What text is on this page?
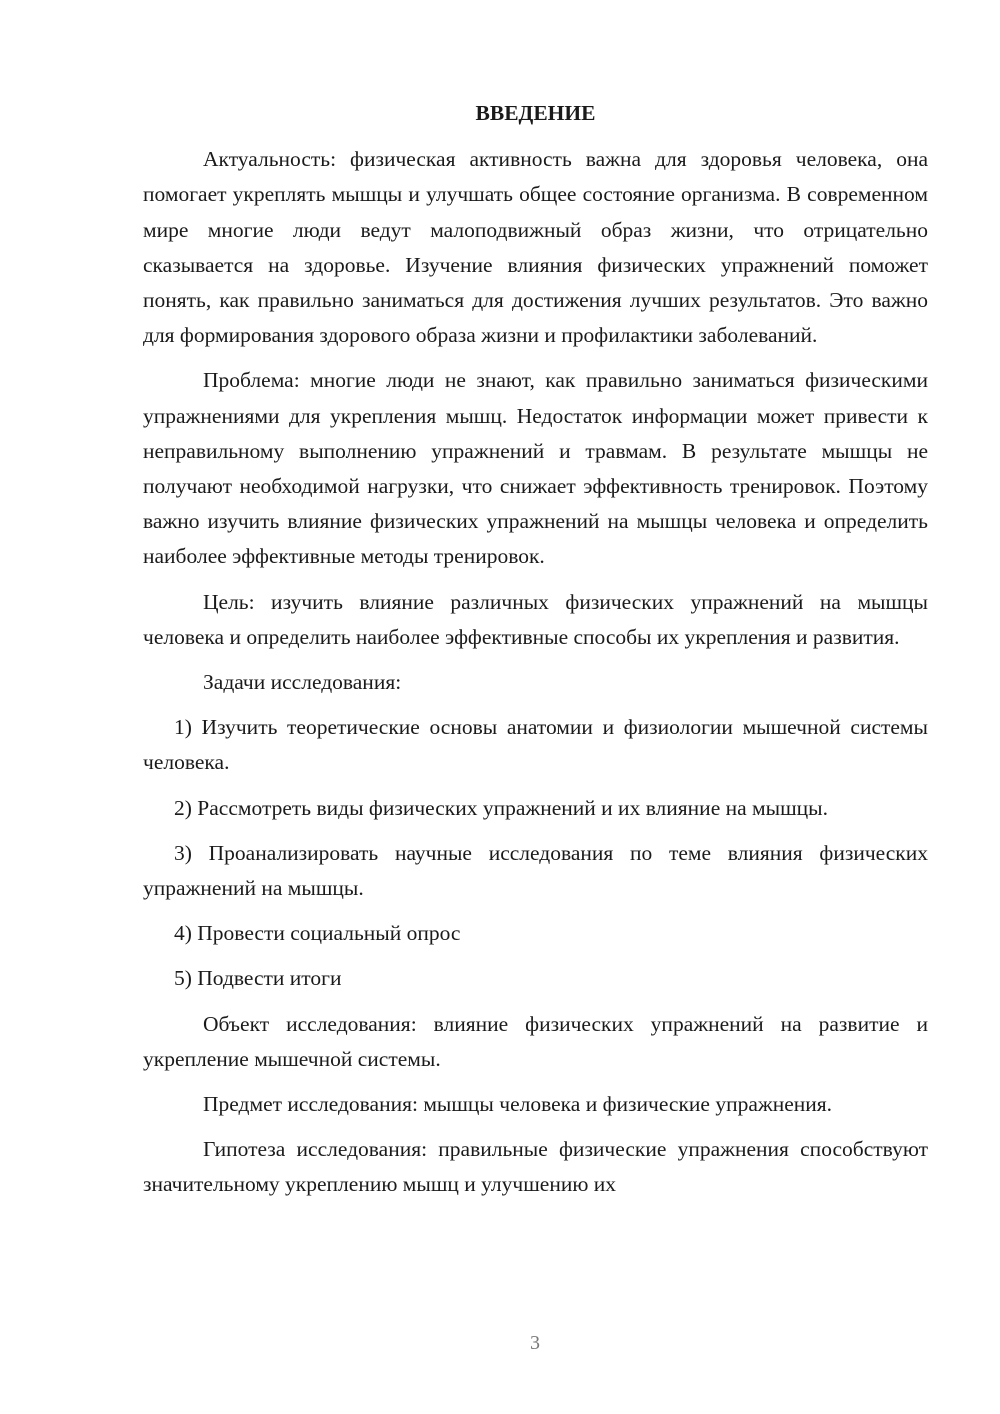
ВВЕДЕНИЕ

Актуальность: физическая активность важна для здоровья человека, она помогает укреплять мышцы и улучшать общее состояние организма. В современном мире многие люди ведут малоподвижный образ жизни, что отрицательно сказывается на здоровье. Изучение влияния физических упражнений поможет понять, как правильно заниматься для достижения лучших результатов. Это важно для формирования здорового образа жизни и профилактики заболеваний.

Проблема: многие люди не знают, как правильно заниматься физическими упражнениями для укрепления мышц. Недостаток информации может привести к неправильному выполнению упражнений и травмам. В результате мышцы не получают необходимой нагрузки, что снижает эффективность тренировок. Поэтому важно изучить влияние физических упражнений на мышцы человека и определить наиболее эффективные методы тренировок.

Цель: изучить влияние различных физических упражнений на мышцы человека и определить наиболее эффективные способы их укрепления и развития.

Задачи исследования:

1) Изучить теоретические основы анатомии и физиологии мышечной системы человека.

2) Рассмотреть виды физических упражнений и их влияние на мышцы.

3) Проанализировать научные исследования по теме влияния физических упражнений на мышцы.

4) Провести социальный опрос

5) Подвести итоги

Объект исследования: влияние физических упражнений на развитие и укрепление мышечной системы.

Предмет исследования: мышцы человека и физические упражнения.

Гипотеза исследования: правильные физические упражнения способствуют значительному укреплению мышц и улучшению их

3
